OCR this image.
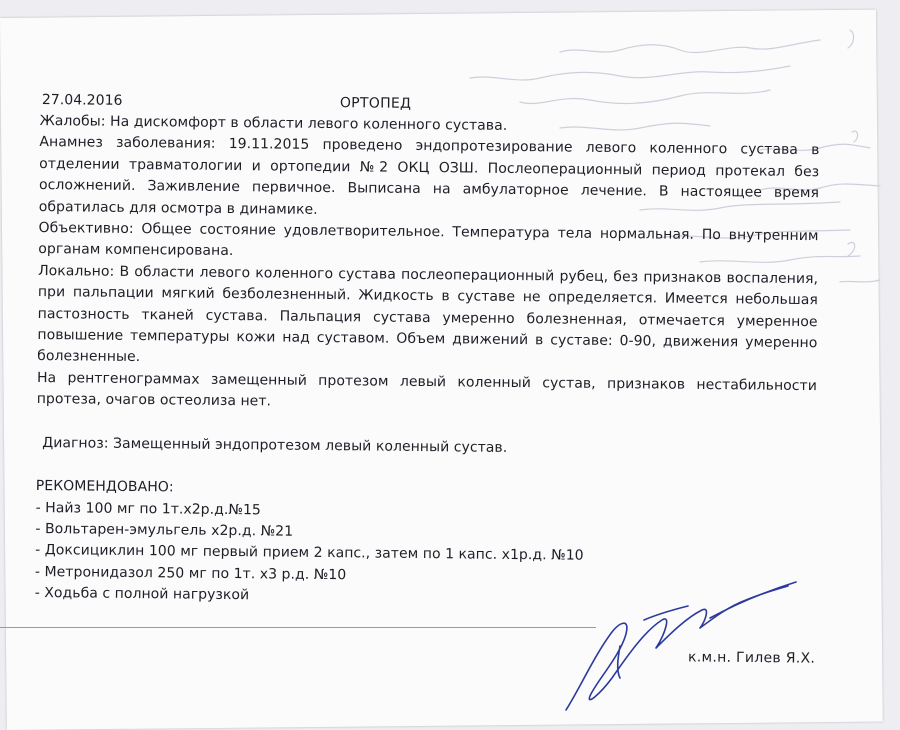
27.04.2016	ОРТОПЕД

Жалобы: На дискомфорт в области левого коленного сустава.

Анамнез заболевания: 19.11.2015 проведено эндопротезирование левого коленного сустава в отделении травматологии и ортопедии №2 ОКЦ ОЗШ. Послеоперационный период протекал без осложнений. Заживление первичное. Выписана на амбулаторное лечение. В настоящее время обратилась для осмотра в динамике.

Объективно: Общее состояние удовлетворительное. Температура тела нормальная. По внутренним органам компенсирована.

Локально: В области левого коленного сустава послеоперационный рубец, без признаков воспаления, при пальпации мягкий безболезненный. Жидкость в суставе не определяется. Имеется небольшая пастозность тканей сустава. Пальпация сустава умеренно болезненная, отмечается умеренное повышение температуры кожи над суставом. Объем движений в суставе: 0-90, движения умеренно болезненные.

На рентгенограммах замещенный протезом левый коленный сустав, признаков нестабильности протеза, очагов остеолиза нет.

Диагноз: Замещенный эндопротезом левый коленный сустав.

РЕКОМЕНДОВАНО:

- Найз 100 мг по 1т.х2р.д.№15
- Вольтарен-эмульгель х2р.д. №21
- Доксициклин 100 мг первый прием 2 капс., затем по 1 капс. х1р.д. №10
- Метронидазол 250 мг по 1т. х3 р.д. №10
- Ходьба с полной нагрузкой
к.м.н. Гилев Я.Х.
